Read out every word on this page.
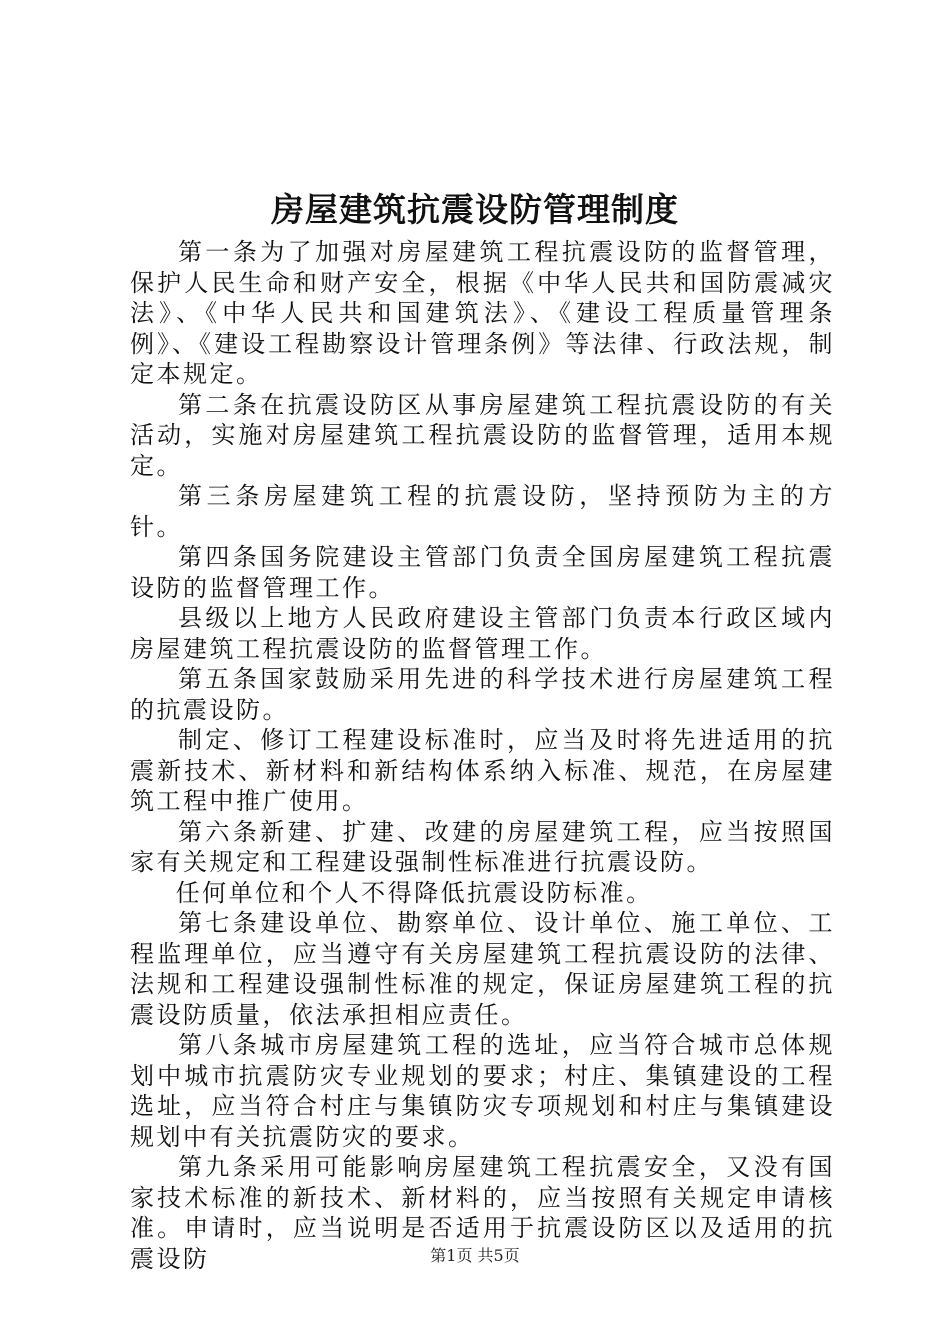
房屋建筑抗震设防管理制度

第一条为了加强对房屋建筑工程抗震设防的监督管理，保护人民生命和财产安全，根据《中华人民共和国防震减灾法》、《中华人民共和国建筑法》、《建设工程质量管理条例》、《建设工程勘察设计管理条例》等法律、行政法规，制定本规定。

第二条在抗震设防区从事房屋建筑工程抗震设防的有关活动，实施对房屋建筑工程抗震设防的监督管理，适用本规定。

第三条房屋建筑工程的抗震设防，坚持预防为主的方针。

第四条国务院建设主管部门负责全国房屋建筑工程抗震设防的监督管理工作。

县级以上地方人民政府建设主管部门负责本行政区域内房屋建筑工程抗震设防的监督管理工作。

第五条国家鼓励采用先进的科学技术进行房屋建筑工程的抗震设防。

制定、修订工程建设标准时，应当及时将先进适用的抗震新技术、新材料和新结构体系纳入标准、规范，在房屋建筑工程中推广使用。

第六条新建、扩建、改建的房屋建筑工程，应当按照国家有关规定和工程建设强制性标准进行抗震设防。

任何单位和个人不得降低抗震设防标准。

第七条建设单位、勘察单位、设计单位、施工单位、工程监理单位，应当遵守有关房屋建筑工程抗震设防的法律、法规和工程建设强制性标准的规定，保证房屋建筑工程的抗震设防质量，依法承担相应责任。

第八条城市房屋建筑工程的选址，应当符合城市总体规划中城市抗震防灾专业规划的要求；村庄、集镇建设的工程选址，应当符合村庄与集镇防灾专项规划和村庄与集镇建设规划中有关抗震防灾的要求。

第九条采用可能影响房屋建筑工程抗震安全，又没有国家技术标准的新技术、新材料的，应当按照有关规定申请核准。申请时，应当说明是否适用于抗震设防区以及适用的抗震设防	第1页 共5页
